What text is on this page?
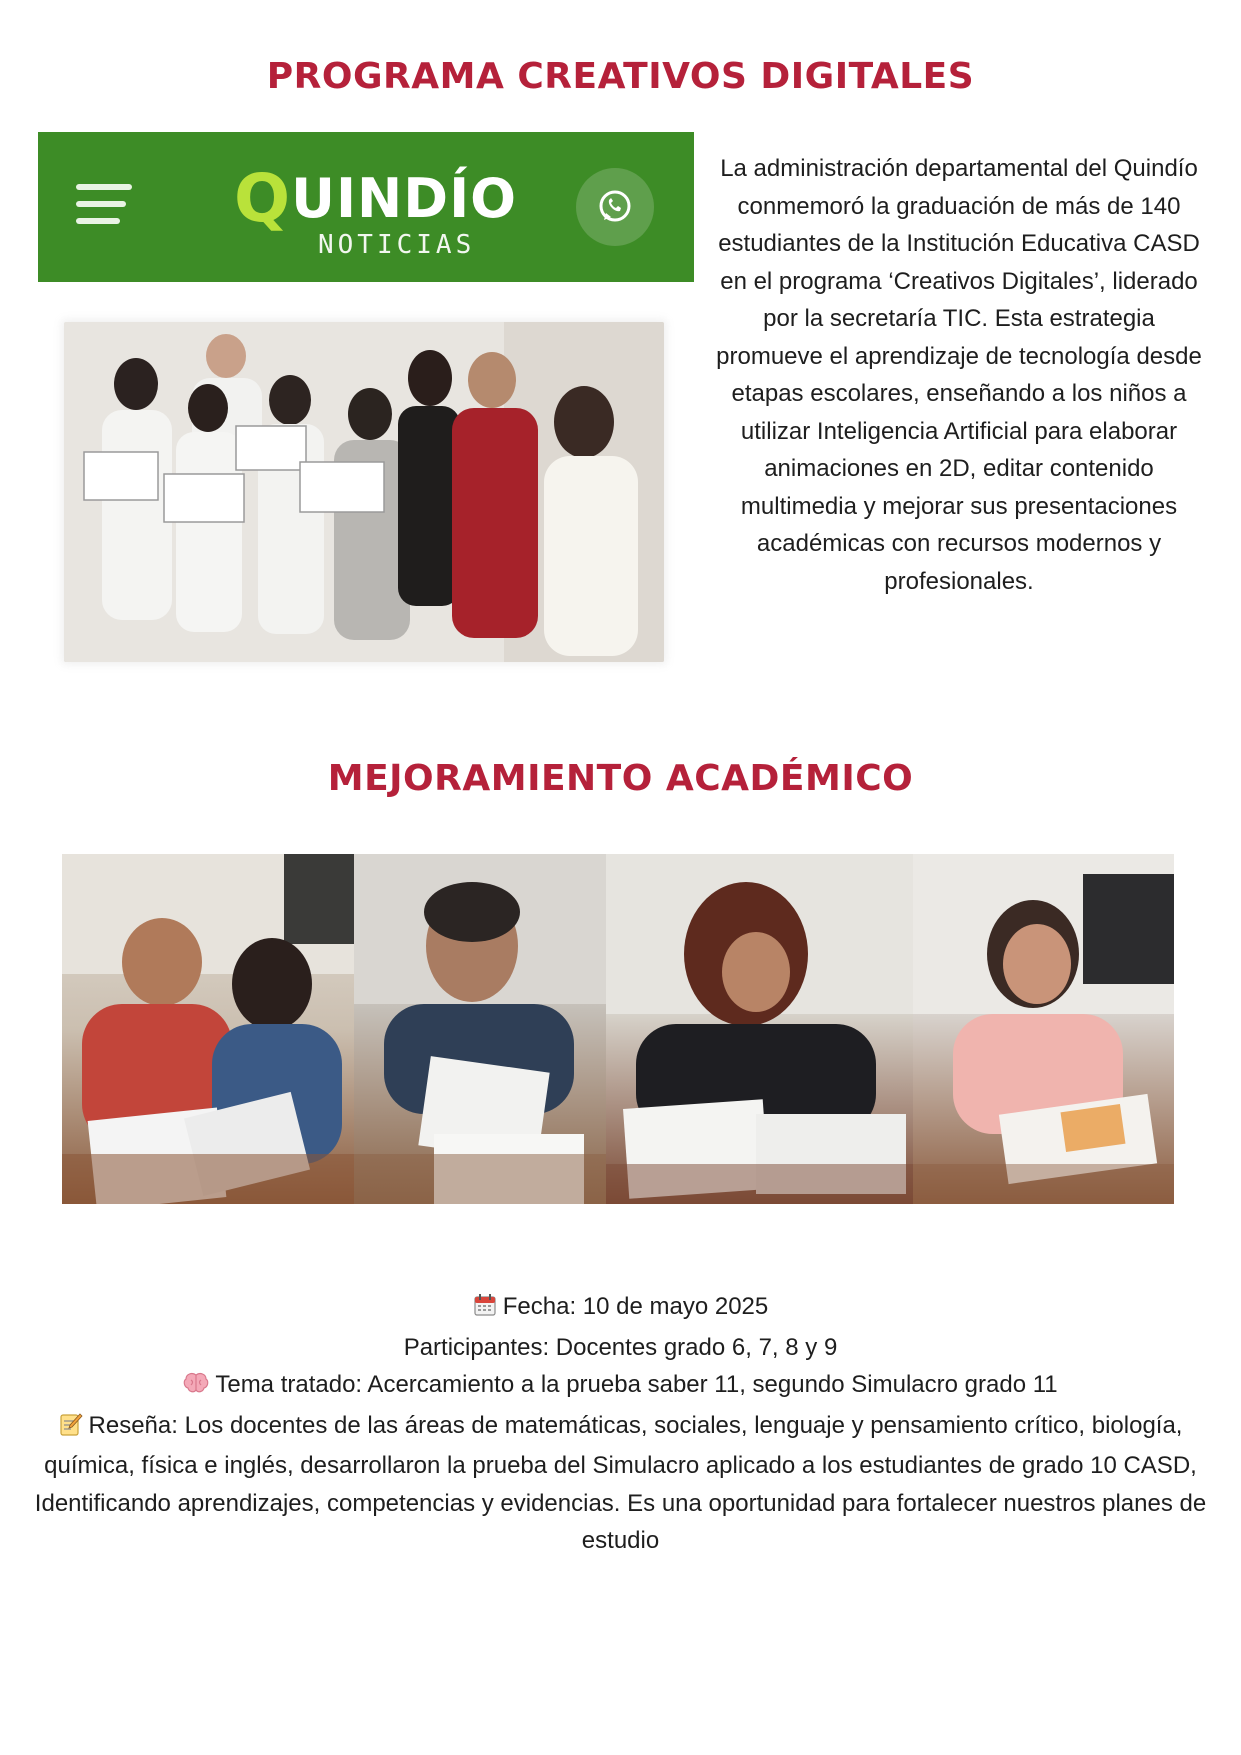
PROGRAMA CREATIVOS DIGITALES
QUINDÍO
NOTICIAS

La administración departamental del Quindío conmemoró la graduación de más de 140 estudiantes de la Institución Educativa CASD en el programa ‘Creativos Digitales’, liderado por la secretaría TIC. Esta estrategia promueve el aprendizaje de tecnología desde etapas escolares, enseñando a los niños a utilizar Inteligencia Artificial para elaborar animaciones en 2D, editar contenido multimedia y mejorar sus presentaciones académicas con recursos modernos y profesionales.

MEJORAMIENTO ACADÉMICO

Fecha: 10 de mayo 2025

Participantes: Docentes grado 6, 7, 8 y 9

Tema tratado: Acercamiento a la prueba saber 11, segundo Simulacro grado 11

Reseña: Los docentes de las áreas de matemáticas, sociales, lenguaje y pensamiento crítico, biología, química, física e inglés, desarrollaron la prueba del Simulacro aplicado a los estudiantes de grado 10 CASD, Identificando aprendizajes, competencias y evidencias. Es una oportunidad para fortalecer nuestros planes de estudio
